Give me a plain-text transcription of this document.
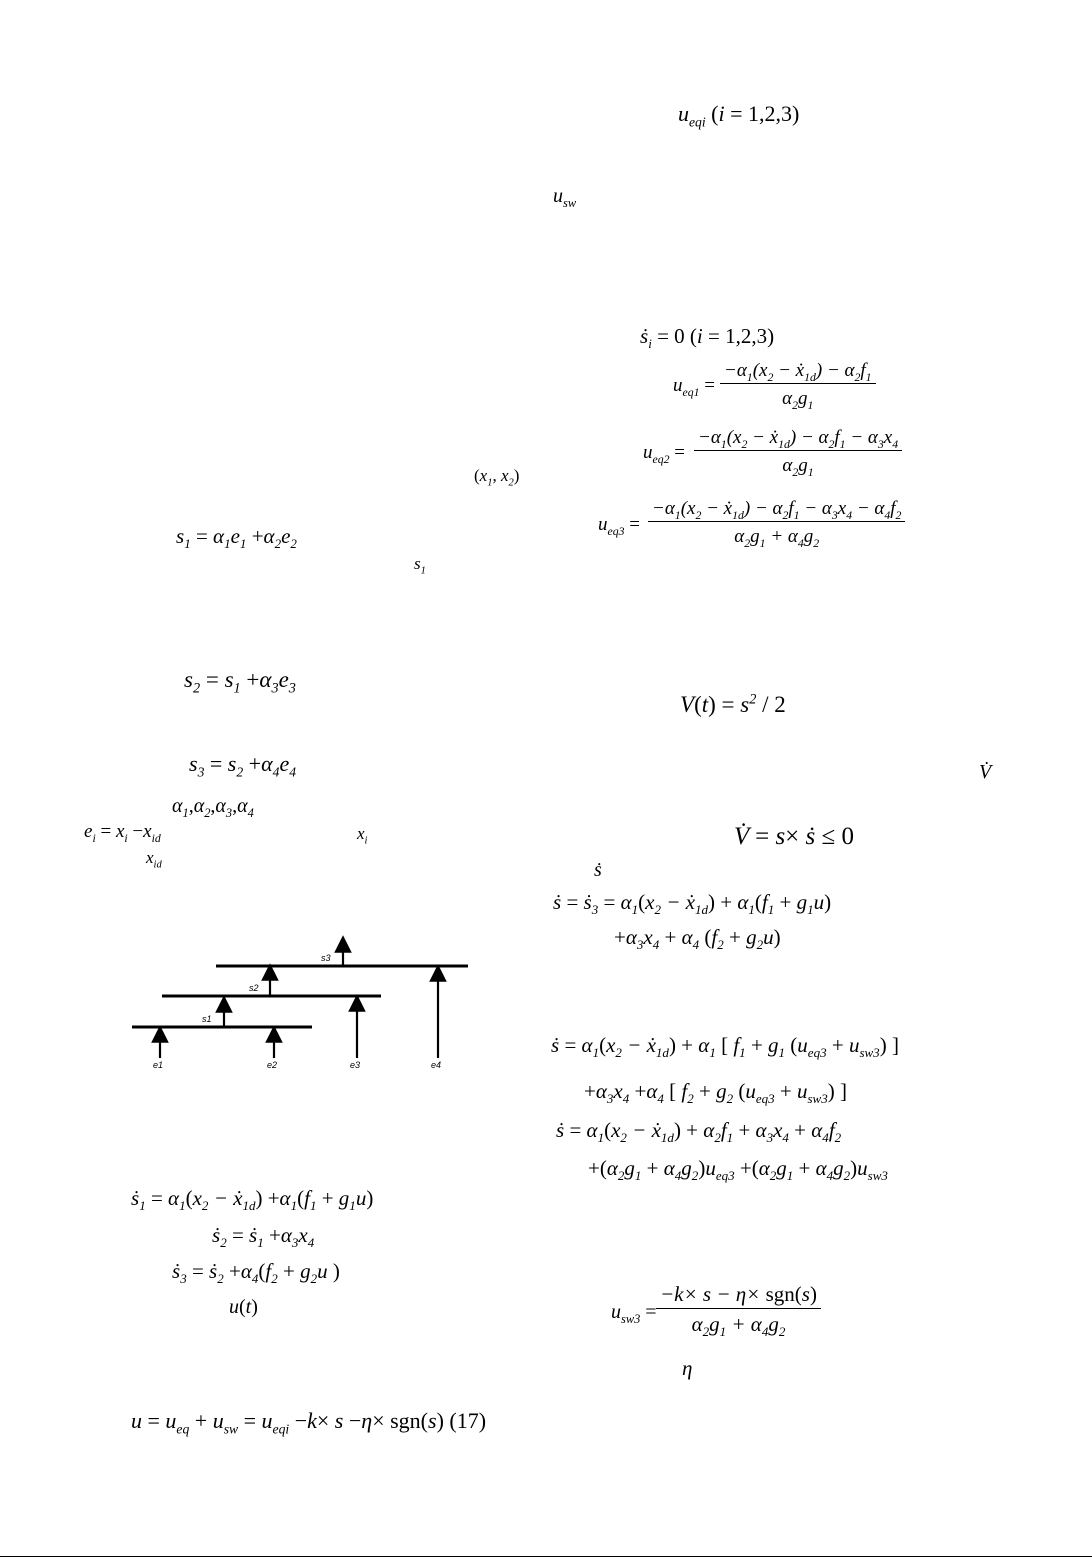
$u_{eqi}$ (i = 1,2,3)
$u_{sw}$
ṡ$_i$ = 0 (i = 1,2,3)
$u_{eq1}$ =
$-\alpha_1(x_2$ − ẋ$_{1d}$) − $\alpha_2f_1$
$\alpha_2g_1$
$u_{eq2}$ =
$-\alpha_1(x_2$ − ẋ$_{1d}$) − $\alpha_2f_1 - \alpha_3x_4$
$\alpha_2g_1$
$u_{eq3}$ =
$-\alpha_1(x_2$ − ẋ$_{1d}$) − $\alpha_2f_1 - \alpha_3x_4 - \alpha_4f_2$
$\alpha_2g_1 + \alpha_4g_2$
$V(t) = s^2 / 2$
V̇
V̇ = s× ṡ ≤ 0
ṡ
ṡ = ṡ$_3$ = $\alpha_1(x_2$ − ẋ$_{1d}$) + $\alpha_1(f_1 + g_1u)$
$+\alpha_3x_4 + \alpha_4$ $(f_2 + g_2u)$
ṡ = $\alpha_1(x_2$ − ẋ$_{1d}$) + $\alpha_1$ [ $f_1 + g_1$ $(u_{eq3} + u_{sw3})$ ]
$+\alpha_3x_4 +\alpha_4$ [ $f_2 + g_2$ $(u_{eq3} + u_{sw3})$ ]
ṡ = $\alpha_1(x_2$ − ẋ$_{1d}$) + $\alpha_2f_1 + \alpha_3x_4 + \alpha_4f_2$
$+(\alpha_2g_1 + \alpha_4g_2)u_{eq3} +(\alpha_2g_1 + \alpha_4g_2)u_{sw3}$
$u_{sw3}$ =
−k× s − η× sgn(s)
$\alpha_2g_1 + \alpha_4g_2$
η
($x_1$, $x_2$)
$s_1 = \alpha_1e_1 +\alpha_2e_2$
$s_1$
$s_2 = s_1 +\alpha_3e_3$
$s_3 = s_2 +\alpha_4e_4$
$\alpha_1,\alpha_2,\alpha_3,\alpha_4$
$e_i = x_i -x_{id}$	$x_i$
$x_{id}$
s3
s2
s1
e1	e2	e3	e4
ṡ$_1$ = $\alpha_1(x_2$ − ẋ$_{1d}$) $+\alpha_1(f_1 + g_1u)$
ṡ$_2$ = ṡ$_1$ $+\alpha_3x_4$
ṡ$_3$ = ṡ$_2$ $+\alpha_4(f_2 + g_2u$ )
u(t)
$u = u_{eq} + u_{sw} = u_{eqi} -k\times s -\eta\times sgn(s)$ (17)
